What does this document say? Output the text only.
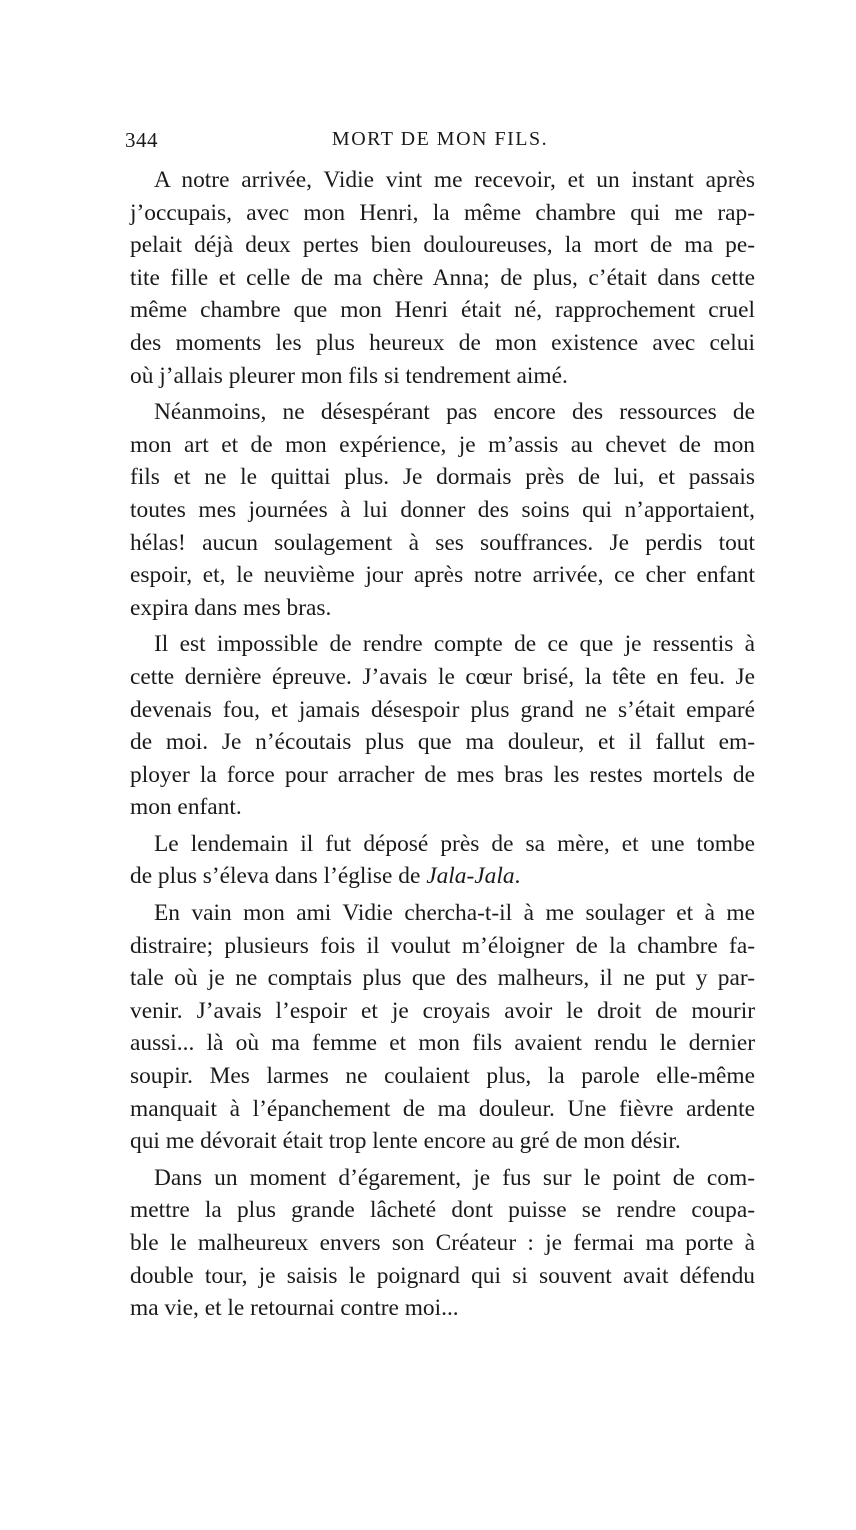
344	MORT DE MON FILS.

A notre arrivée, Vidie vint me recevoir, et un instant après
j’occupais, avec mon Henri, la même chambre qui me rap-
pelait déjà deux pertes bien douloureuses, la mort de ma pe-
tite fille et celle de ma chère Anna; de plus, c’était dans cette
même chambre que mon Henri était né, rapprochement cruel
des moments les plus heureux de mon existence avec celui
où j’allais pleurer mon fils si tendrement aimé.

Néanmoins, ne désespérant pas encore des ressources de
mon art et de mon expérience, je m’assis au chevet de mon
fils et ne le quittai plus. Je dormais près de lui, et passais
toutes mes journées à lui donner des soins qui n’apportaient,
hélas! aucun soulagement à ses souffrances. Je perdis tout
espoir, et, le neuvième jour après notre arrivée, ce cher enfant
expira dans mes bras.

Il est impossible de rendre compte de ce que je ressentis à
cette dernière épreuve. J’avais le cœur brisé, la tête en feu. Je
devenais fou, et jamais désespoir plus grand ne s’était emparé
de moi. Je n’écoutais plus que ma douleur, et il fallut em-
ployer la force pour arracher de mes bras les restes mortels de
mon enfant.

Le lendemain il fut déposé près de sa mère, et une tombe
de plus s’éleva dans l’église de Jala-Jala.

En vain mon ami Vidie chercha-t-il à me soulager et à me
distraire; plusieurs fois il voulut m’éloigner de la chambre fa-
tale où je ne comptais plus que des malheurs, il ne put y par-
venir. J’avais l’espoir et je croyais avoir le droit de mourir
aussi... là où ma femme et mon fils avaient rendu le dernier
soupir. Mes larmes ne coulaient plus, la parole elle-même
manquait à l’épanchement de ma douleur. Une fièvre ardente
qui me dévorait était trop lente encore au gré de mon désir.

Dans un moment d’égarement, je fus sur le point de com-
mettre la plus grande lâcheté dont puisse se rendre coupa-
ble le malheureux envers son Créateur : je fermai ma porte à
double tour, je saisis le poignard qui si souvent avait défendu
ma vie, et le retournai contre moi...
